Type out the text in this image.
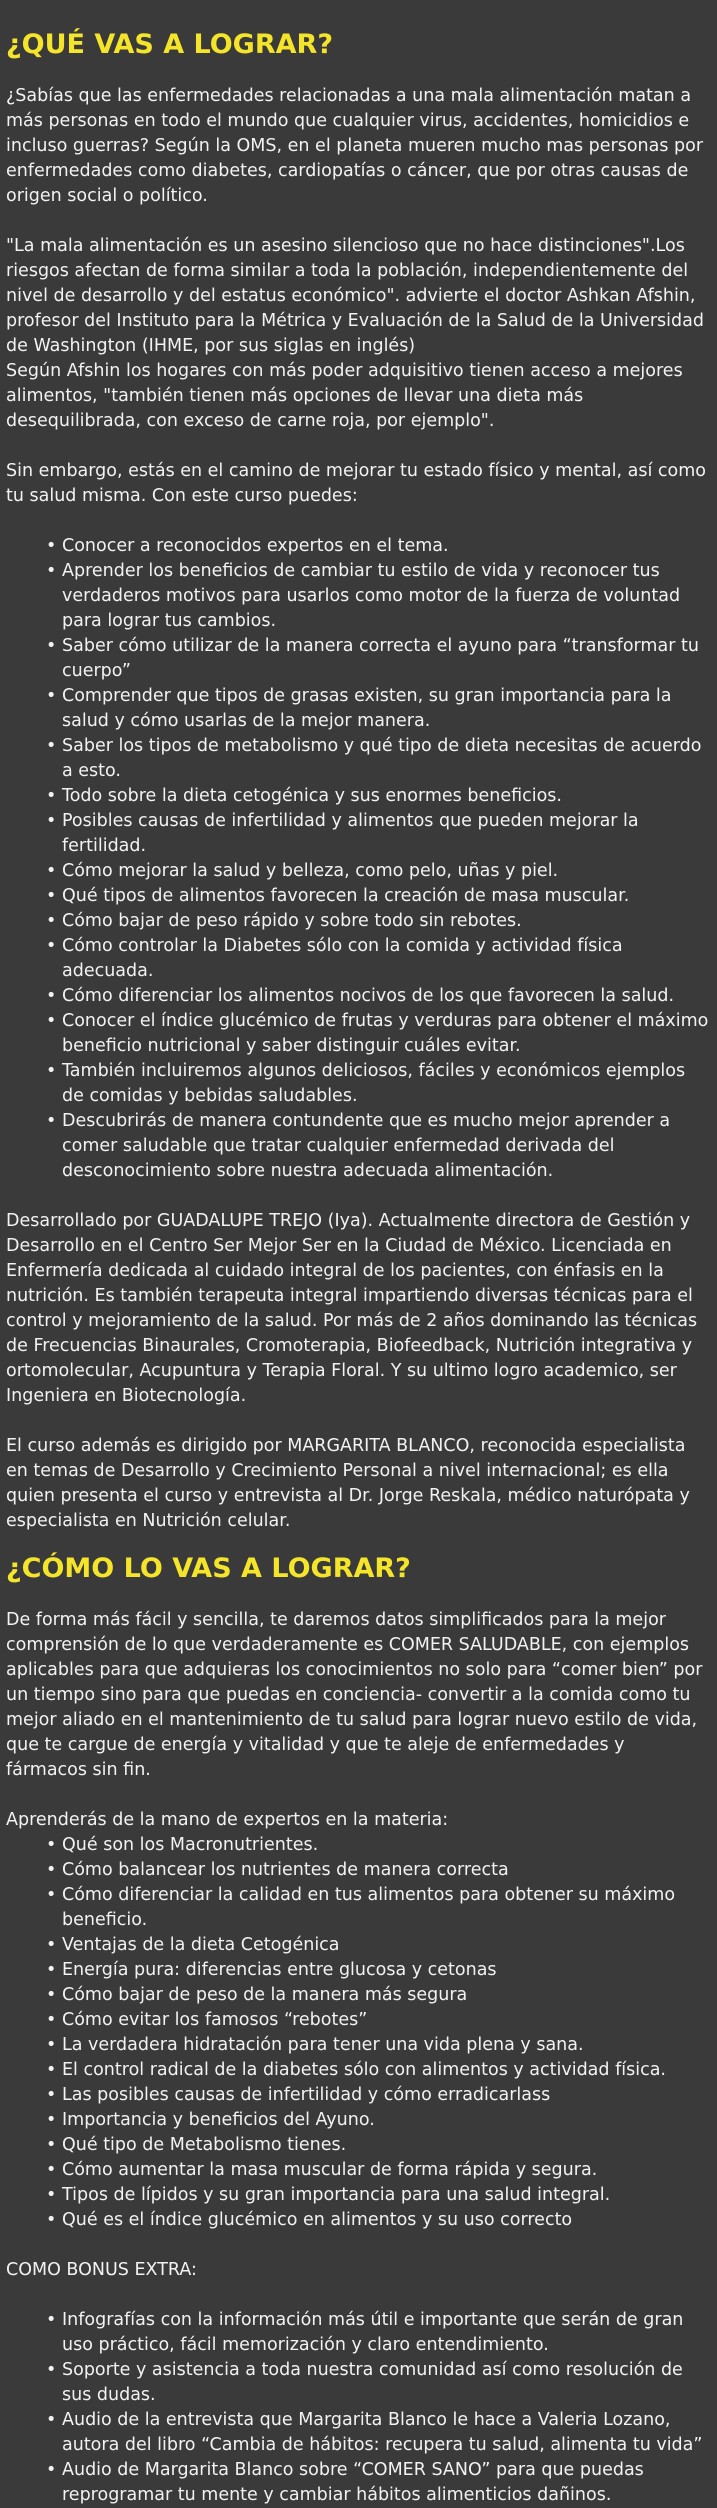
¿QUÉ VAS A LOGRAR?

¿Sabías que las enfermedades relacionadas a una mala alimentación matan a más personas en todo el mundo que cualquier virus, accidentes, homicidios e incluso guerras? Según la OMS, en el planeta mueren mucho mas personas por enfermedades como diabetes, cardiopatías o cáncer, que por otras causas de origen social o político.

"La mala alimentación es un asesino silencioso que no hace distinciones".Los riesgos afectan de forma similar a toda la población, independientemente del nivel de desarrollo y del estatus económico". advierte el doctor Ashkan Afshin, profesor del Instituto para la Métrica y Evaluación de la Salud de la Universidad de Washington (IHME, por sus siglas en inglés)
Según Afshin los hogares con más poder adquisitivo tienen acceso a mejores alimentos, "también tienen más opciones de llevar una dieta más desequilibrada, con exceso de carne roja, por ejemplo".

Sin embargo, estás en el camino de mejorar tu estado físico y mental, así como tu salud misma. Con este curso puedes:

• Conocer a reconocidos expertos en el tema.
• Aprender los beneficios de cambiar tu estilo de vida y reconocer tus verdaderos motivos para usarlos como motor de la fuerza de voluntad para lograr tus cambios.
• Saber cómo utilizar de la manera correcta el ayuno para “transformar tu cuerpo”
• Comprender que tipos de grasas existen, su gran importancia para la salud y cómo usarlas de la mejor manera.
• Saber los tipos de metabolismo y qué tipo de dieta necesitas de acuerdo a esto.
• Todo sobre la dieta cetogénica y sus enormes beneficios.
• Posibles causas de infertilidad y alimentos que pueden mejorar la fertilidad.
• Cómo mejorar la salud y belleza, como pelo, uñas y piel.
• Qué tipos de alimentos favorecen la creación de masa muscular.
• Cómo bajar de peso rápido y sobre todo sin rebotes.
• Cómo controlar la Diabetes sólo con la comida y actividad física adecuada.
• Cómo diferenciar los alimentos nocivos de los que favorecen la salud.
• Conocer el índice glucémico de frutas y verduras para obtener el máximo beneficio nutricional y saber distinguir cuáles evitar.
• También incluiremos algunos deliciosos, fáciles y económicos ejemplos de comidas y bebidas saludables.
• Descubrirás de manera contundente que es mucho mejor aprender a comer saludable que tratar cualquier enfermedad derivada del desconocimiento sobre nuestra adecuada alimentación.

Desarrollado por GUADALUPE TREJO (Iya). Actualmente directora de Gestión y Desarrollo en el Centro Ser Mejor Ser en la Ciudad de México. Licenciada en Enfermería dedicada al cuidado integral de los pacientes, con énfasis en la nutrición. Es también terapeuta integral impartiendo diversas técnicas para el control y mejoramiento de la salud. Por más de 2 años dominando las técnicas de Frecuencias Binaurales, Cromoterapia, Biofeedback, Nutrición integrativa y ortomolecular, Acupuntura y Terapia Floral. Y su ultimo logro academico, ser Ingeniera en Biotecnología.

El curso además es dirigido por MARGARITA BLANCO, reconocida especialista en temas de Desarrollo y Crecimiento Personal a nivel internacional; es ella quien presenta el curso y entrevista al Dr. Jorge Reskala, médico naturópata y especialista en Nutrición celular.

¿CÓMO LO VAS A LOGRAR?

De forma más fácil y sencilla, te daremos datos simplificados para la mejor comprensión de lo que verdaderamente es COMER SALUDABLE, con ejemplos aplicables para que adquieras los conocimientos no solo para “comer bien” por un tiempo sino para que puedas en conciencia- convertir a la comida como tu mejor aliado en el mantenimiento de tu salud para lograr nuevo estilo de vida, que te cargue de energía y vitalidad y que te aleje de enfermedades y fármacos sin fin.

Aprenderás de la mano de expertos en la materia:

• Qué son los Macronutrientes.
• Cómo balancear los nutrientes de manera correcta
• Cómo diferenciar la calidad en tus alimentos para obtener su máximo beneficio.
• Ventajas de la dieta Cetogénica
• Energía pura: diferencias entre glucosa y cetonas
• Cómo bajar de peso de la manera más segura
• Cómo evitar los famosos “rebotes”
• La verdadera hidratación para tener una vida plena y sana.
• El control radical de la diabetes sólo con alimentos y actividad física.
• Las posibles causas de infertilidad y cómo erradicarlass
• Importancia y beneficios del Ayuno.
• Qué tipo de Metabolismo tienes.
• Cómo aumentar la masa muscular de forma rápida y segura.
• Tipos de lípidos y su gran importancia para una salud integral.
• Qué es el índice glucémico en alimentos y su uso correcto

COMO BONUS EXTRA:

• Infografías con la información más útil e importante que serán de gran uso práctico, fácil memorización y claro entendimiento.
• Soporte y asistencia a toda nuestra comunidad así como resolución de sus dudas.
• Audio de la entrevista que Margarita Blanco le hace a Valeria Lozano, autora del libro “Cambia de hábitos: recupera tu salud, alimenta tu vida”
• Audio de Margarita Blanco sobre “COMER SANO” para que puedas reprogramar tu mente y cambiar hábitos alimenticios dañinos.
